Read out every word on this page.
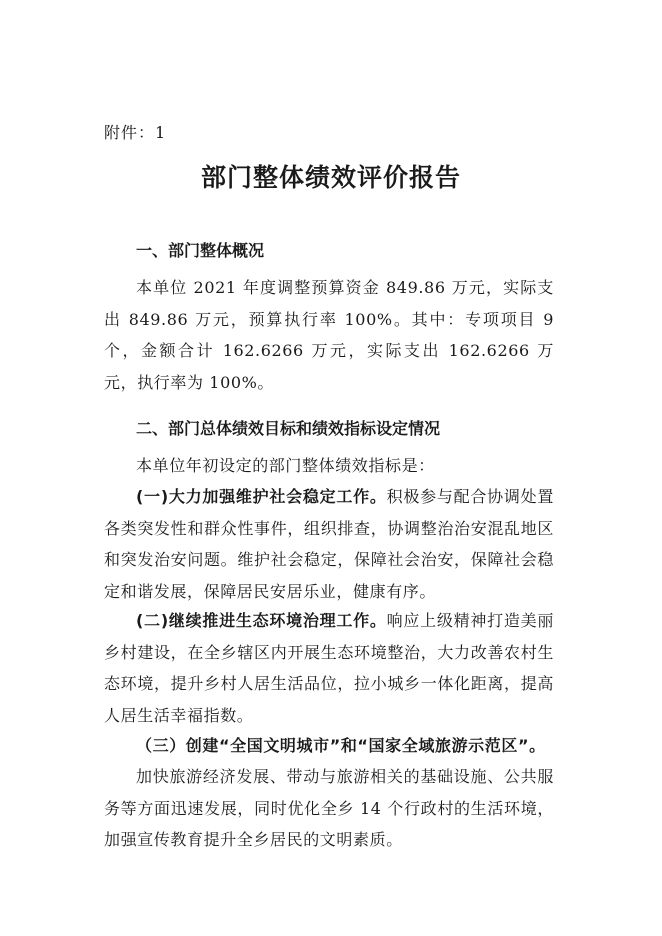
附件：1
部门整体绩效评价报告
一、部门整体概况
本单位 2021 年度调整预算资金 849.86 万元，实际支出 849.86 万元，预算执行率 100%。其中：专项项目 9 个，金额合计 162.6266 万元，实际支出 162.6266 万元，执行率为 100%。
二、部门总体绩效目标和绩效指标设定情况
本单位年初设定的部门整体绩效指标是：
(一)大力加强维护社会稳定工作。积极参与配合协调处置各类突发性和群众性事件，组织排查，协调整治治安混乱地区和突发治安问题。维护社会稳定，保障社会治安，保障社会稳定和谐发展，保障居民安居乐业，健康有序。
(二)继续推进生态环境治理工作。响应上级精神打造美丽乡村建设，在全乡辖区内开展生态环境整治，大力改善农村生态环境，提升乡村人居生活品位，拉小城乡一体化距离，提高人居生活幸福指数。
（三）创建“全国文明城市”和“国家全域旅游示范区”。
加快旅游经济发展、带动与旅游相关的基础设施、公共服务等方面迅速发展，同时优化全乡 14 个行政村的生活环境，加强宣传教育提升全乡居民的文明素质。
